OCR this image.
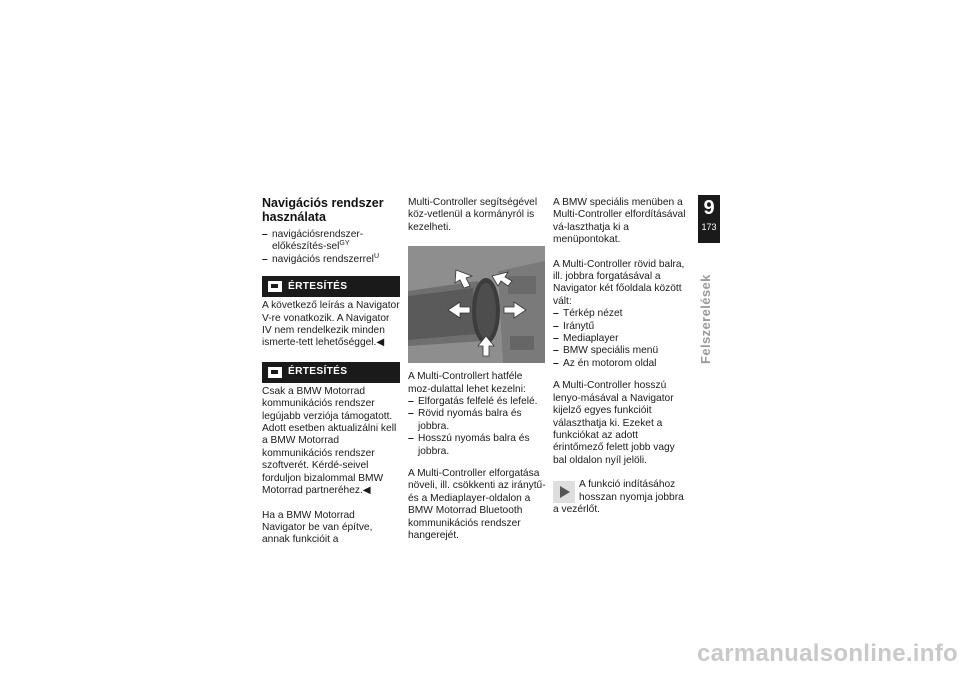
Navigációs rendszer
használata
– navigációsrendszer-előkészítés-sel$^{GY}$
– navigációs rendszerrel$^U$
ÉRTESÍTÉS

A következő leírás a Navigator V-re vonatkozik. A Navigator IV nem rendelkezik minden ismerte-tett lehetőséggel.◀

ÉRTESÍTÉS

Csak a BMW Motorrad kommunikációs rendszer legújabb verziója támogatott. Adott esetben aktualizálni kell a BMW Motorrad kommunikációs rendszer szoftverét. Kérdé-seivel forduljon bizalommal BMW Motorrad partneréhez.◀

Ha a BMW Motorrad Navigator be van építve, annak funkcióit a

Multi-Controller segítségével köz-vetlenül a kormányról is kezelheti.

A Multi-Controllert hatféle moz-dulattal lehet kezelni:

– Elforgatás felfelé és lefelé.
– Rövid nyomás balra és jobbra.
– Hosszú nyomás balra és jobbra.

A Multi-Controller elforgatása növeli, ill. csökkenti az iránytű-és a Mediaplayer-oldalon a BMW Motorrad Bluetooth kommunikációs rendszer hangerejét.

A BMW speciális menüben a Multi-Controller elfordításával vá-laszthatja ki a menüpontokat.

A Multi-Controller rövid balra, ill. jobbra forgatásával a Navigator két főoldala között vált:

– Térkép nézet
– Iránytű
– Mediaplayer
– BMW speciális menü
– Az én motorom oldal

A Multi-Controller hosszú lenyo-másával a Navigator kijelző egyes funkcióit választhatja ki. Ezeket a funkciókat az adott érintőmező felett jobb vagy bal oldalon nyíl jelöli.

A funkció indításához hosszan nyomja jobbra a vezérlőt.

9
173
Felszerelések
carmanualsonline.info
